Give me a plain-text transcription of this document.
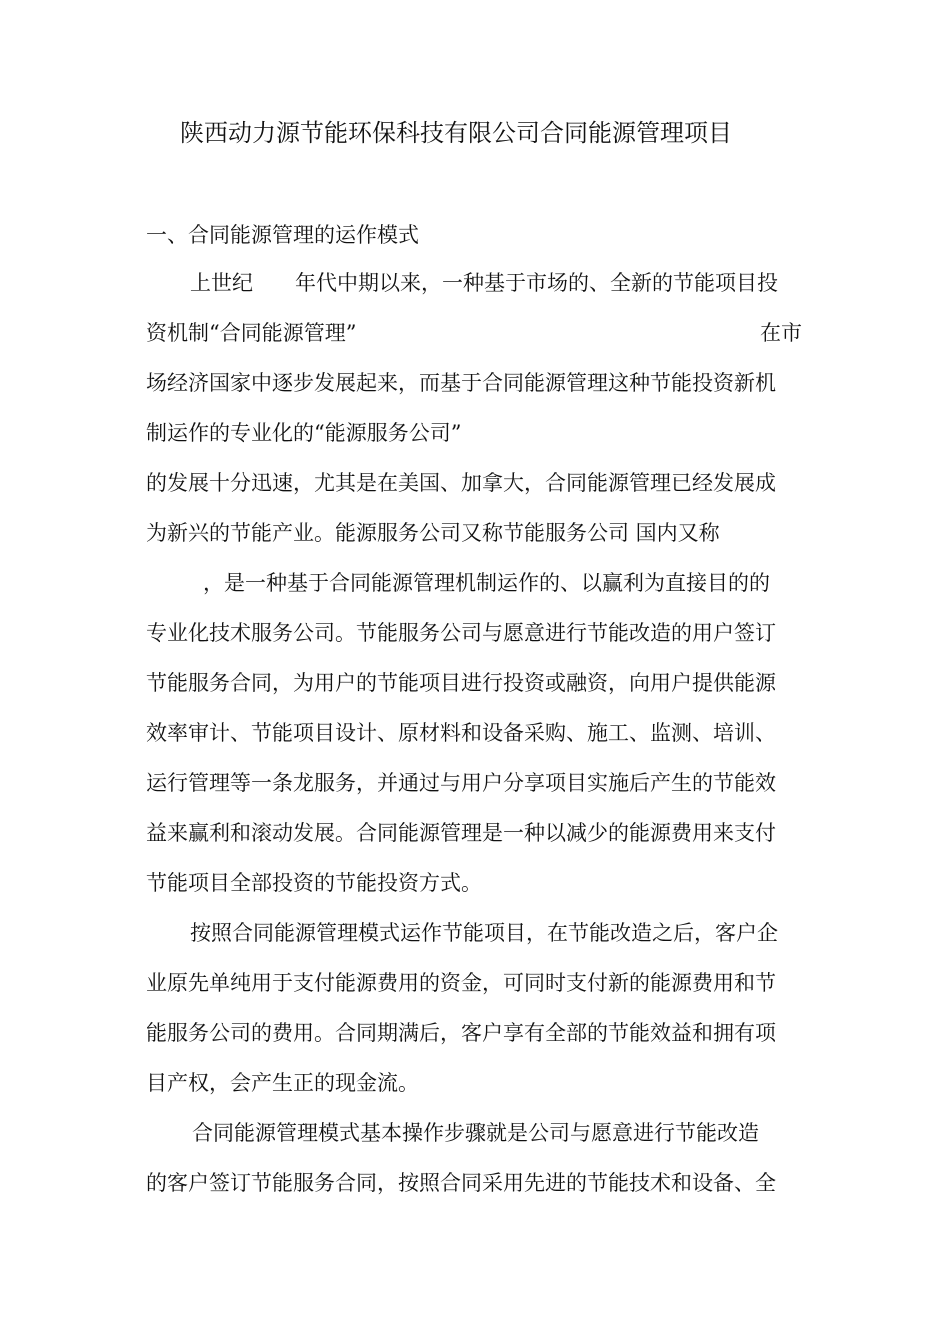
陕西动力源节能环保科技有限公司合同能源管理项目
一、合同能源管理的运作模式
上世纪　　年代中期以来，一种基于市场的、全新的节能项目投
资机制“合同能源管理”	在市
场经济国家中逐步发展起来，而基于合同能源管理这种节能投资新机
制运作的专业化的“能源服务公司”
的发展十分迅速，尤其是在美国、加拿大，合同能源管理已经发展成
为新兴的节能产业。能源服务公司又称节能服务公司 国内又称
，是一种基于合同能源管理机制运作的、以赢利为直接目的的
专业化技术服务公司。节能服务公司与愿意进行节能改造的用户签订
节能服务合同，为用户的节能项目进行投资或融资，向用户提供能源
效率审计、节能项目设计、原材料和设备采购、施工、监测、培训、
运行管理等一条龙服务，并通过与用户分享项目实施后产生的节能效
益来赢利和滚动发展。合同能源管理是一种以减少的能源费用来支付
节能项目全部投资的节能投资方式。
按照合同能源管理模式运作节能项目，在节能改造之后，客户企
业原先单纯用于支付能源费用的资金，可同时支付新的能源费用和节
能服务公司的费用。合同期满后，客户享有全部的节能效益和拥有项
目产权，会产生正的现金流。
合同能源管理模式基本操作步骤就是公司与愿意进行节能改造
的客户签订节能服务合同，按照合同采用先进的节能技术和设备、全
